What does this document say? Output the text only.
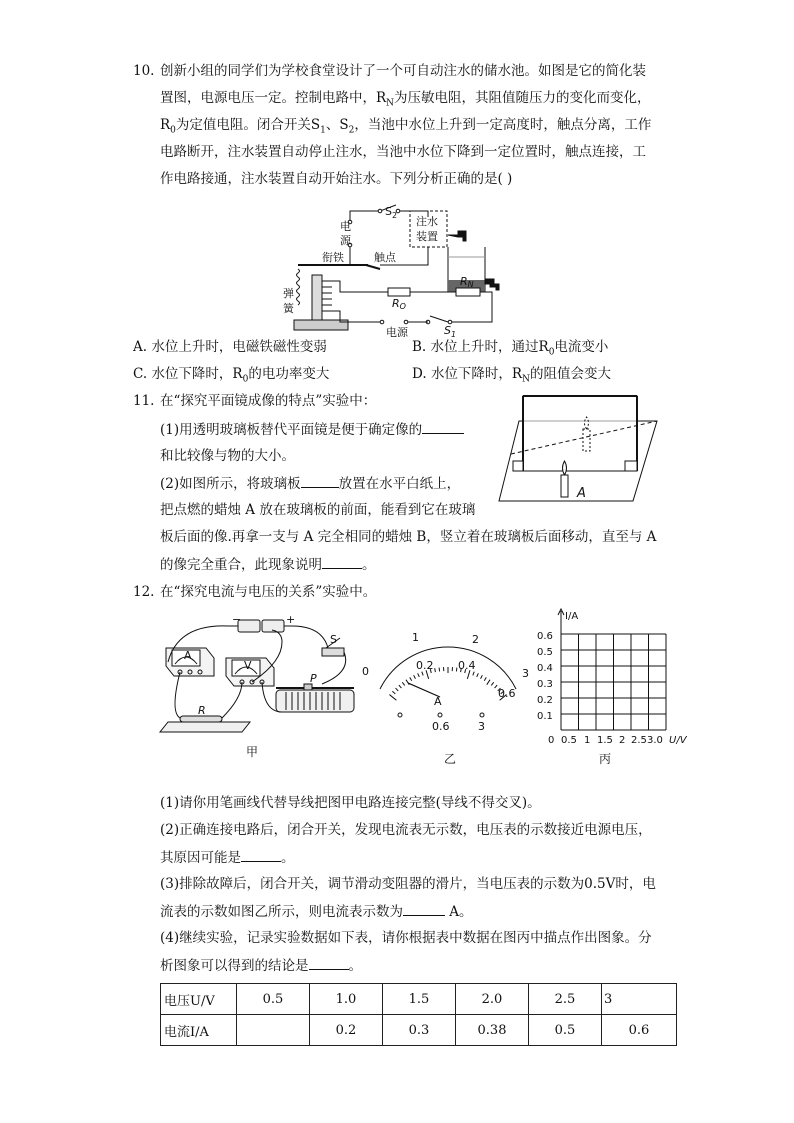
10. 创新小组的同学们为学校食堂设计了一个可自动注水的储水池。如图是它的简化装
置图，电源电压一定。控制电路中，$R_N$为压敏电阻，其阻值随压力的变化而变化，
$R_0$为定值电阻。闭合开关$S_1$、$S_2$，当池中水位上升到一定高度时，触点分离，工作
电路断开，注水装置自动停止注水，当池中水位下降到一定位置时，触点连接，工
作电路接通，注水装置自动开始注水。下列分析正确的是( )
$S_2$
电
源
注水
装置
衔铁	触点
弹
簧	RO
RN
电源	$S_1$
A. 水位上升时，电磁铁磁性变弱	B. 水位上升时，通过$R_0$电流变小
C. 水位下降时，$R_0$的电功率变大	D. 水位下降时，$R_N$的阻值会变大
11. 在“探究平面镜成像的特点”实验中：
(1)用透明玻璃板替代平面镜是便于确定像的
和比较像与物的大小。
(2)如图所示，将玻璃板	放置在水平白纸上，
把点燃的蜡烛 A 放在玻璃板的前面，能看到它在玻璃
板后面的像.再拿一支与 A 完全相同的蜡烛 B，竖立着在玻璃板后面移动，直至与 A
的像完全重合，此现象说明	。
A
12. 在“探究电流与电压的关系”实验中。
A
V
S
R
P
+
−
甲
0
1	2
3
0.2 0.4
0.6
A
0.6	3
乙
I/A
0.6
0.5
0.4
0.3
0.2
0.1
0 0.5 1 1.5 2 2.5 3.0 U/V
丙
(1)请你用笔画线代替导线把图甲电路连接完整(导线不得交叉)。
(2)正确连接电路后，闭合开关，发现电流表无示数，电压表的示数接近电源电压，
其原因可能是	。
(3)排除故障后，闭合开关，调节滑动变阻器的滑片，当电压表的示数为0.5V时，电
流表的示数如图乙所示，则电流表示数为	A。
(4)继续实验，记录实验数据如下表，请你根据表中数据在图丙中描点作出图象。分
析图象可以得到的结论是	。
电压U/V	0.5	1.0	1.5	2.0	2.5	3
电流I/A		0.2	0.3	0.38	0.5	0.6
